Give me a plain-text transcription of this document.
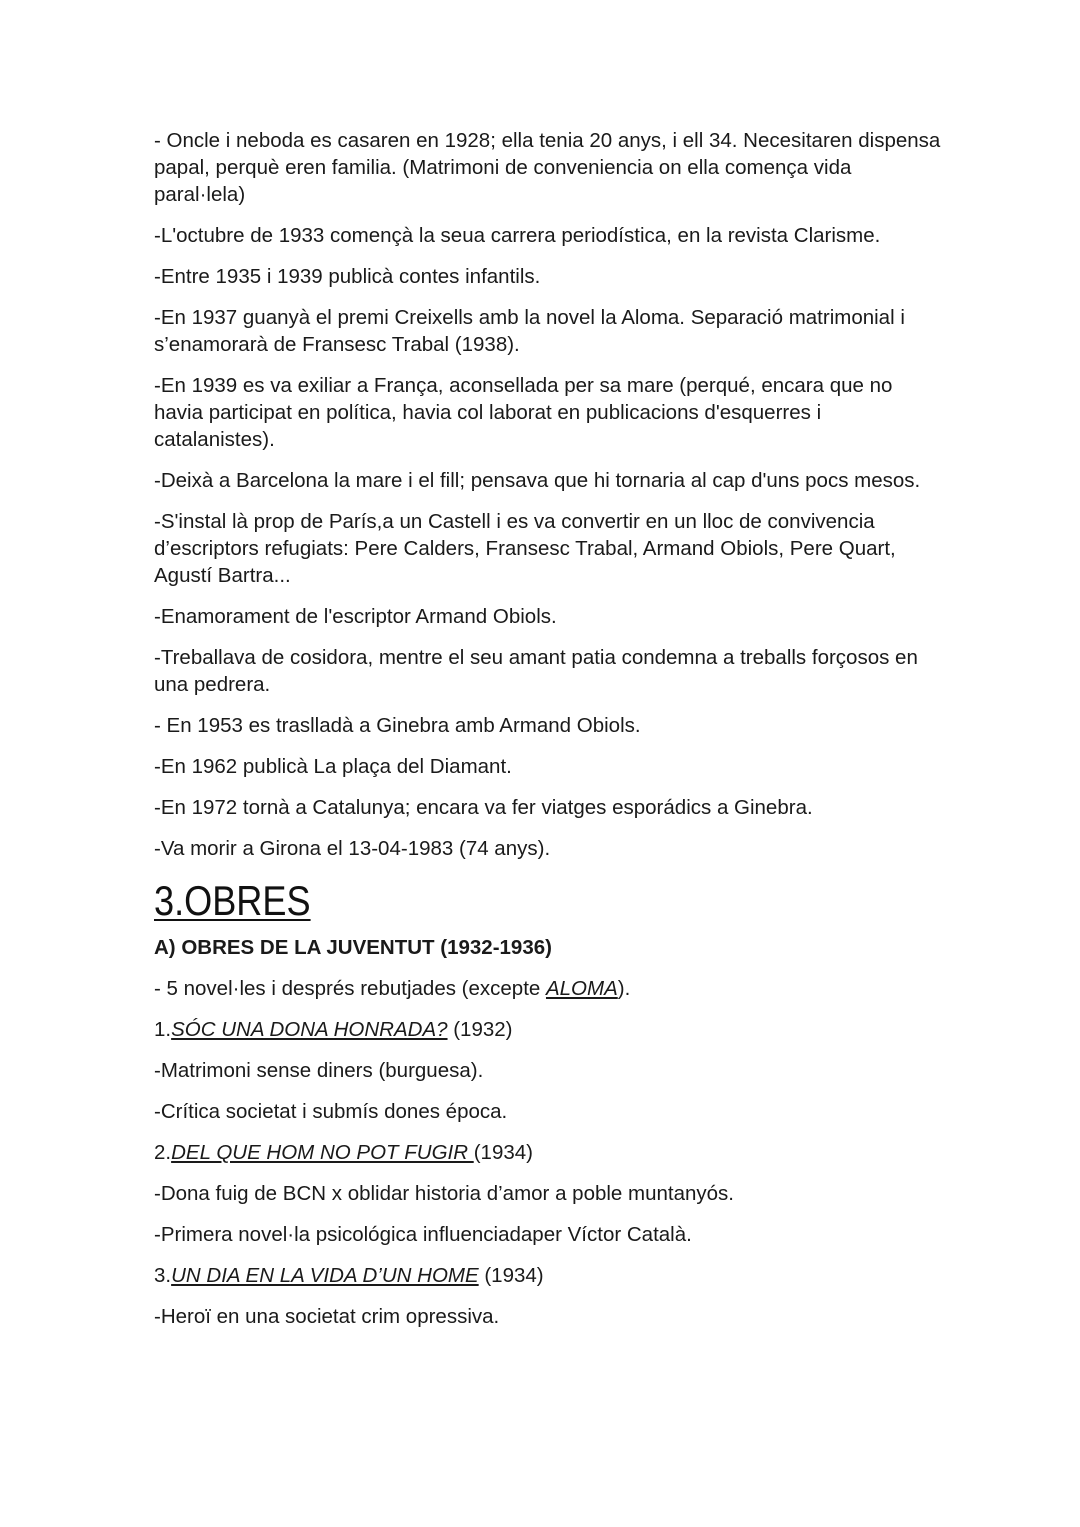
- Oncle i neboda es casaren en 1928; ella tenia 20 anys, i ell 34. Necesitaren dispensa papal, perquè eren familia. (Matrimoni de conveniencia on ella comença vida paral·lela)

-L'octubre de 1933 començà la seua carrera periodística, en la revista Clarisme.

-Entre 1935 i 1939 publicà contes infantils.

-En 1937 guanyà el premi Creixells amb la novel la Aloma. Separació matrimonial i s’enamorarà de Fransesc Trabal (1938).

-En 1939 es va exiliar a França, aconsellada per sa mare (perqué, encara que no havia participat en política, havia col laborat en publicacions d'esquerres i catalanistes).

-Deixà a Barcelona la mare i el fill; pensava que hi tornaria al cap d'uns pocs mesos.

-S'instal là prop de París,a un Castell i es va convertir en un lloc de convivencia d’escriptors refugiats: Pere Calders, Fransesc Trabal, Armand Obiols, Pere Quart, Agustí Bartra...

-Enamorament de l'escriptor Armand Obiols.

-Treballava de cosidora, mentre el seu amant patia condemna a treballs forçosos en una pedrera.

- En 1953 es traslladà a Ginebra amb Armand Obiols.

-En 1962 publicà La plaça del Diamant.

-En 1972 tornà a Catalunya; encara va fer viatges esporádics a Ginebra.

-Va morir a Girona el 13-04-1983 (74 anys).

3.OBRES

A) OBRES DE LA JUVENTUT (1932-1936)

- 5 novel·les i després rebutjades (excepte ALOMA).

1.SÓC UNA DONA HONRADA? (1932)

-Matrimoni sense diners (burguesa).

-Crítica societat i submís dones época.

2.DEL QUE HOM NO POT FUGIR (1934)

-Dona fuig de BCN x oblidar historia d’amor a poble muntanyós.

-Primera novel·la psicológica influenciadaper Víctor Català.

3.UN DIA EN LA VIDA D’UN HOME (1934)

-Heroï en una societat crim opressiva.
